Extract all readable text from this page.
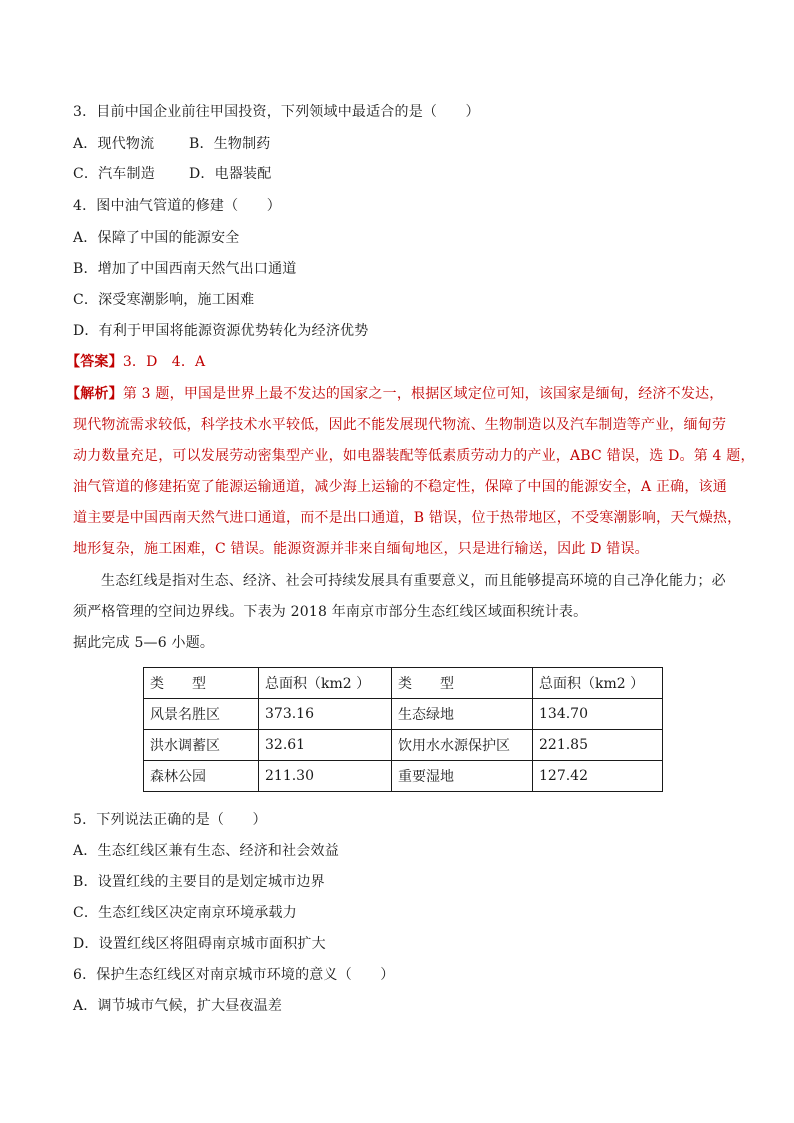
3．目前中国企业前往甲国投资，下列领域中最适合的是（　　）
A．现代物流 B．生物制药
C．汽车制造 D．电器装配
4．图中油气管道的修建（　　）
A．保障了中国的能源安全
B．增加了中国西南天然气出口通道
C．深受寒潮影响，施工困难
D．有利于甲国将能源资源优势转化为经济优势
【答案】3．D　4．A
【解析】第 3 题，甲国是世界上最不发达的国家之一，根据区域定位可知，该国家是缅甸，经济不发达，
现代物流需求较低，科学技术水平较低，因此不能发展现代物流、生物制造以及汽车制造等产业，缅甸劳
动力数量充足，可以发展劳动密集型产业，如电器装配等低素质劳动力的产业，ABC 错误，选 D。第 4 题，
油气管道的修建拓宽了能源运输通道，减少海上运输的不稳定性，保障了中国的能源安全，A 正确，该通
道主要是中国西南天然气进口通道，而不是出口通道，B 错误，位于热带地区，不受寒潮影响，天气燥热，
地形复杂，施工困难，C 错误。能源资源并非来自缅甸地区，只是进行输送，因此 D 错误。
生态红线是指对生态、经济、社会可持续发展具有重要意义，而且能够提高环境的自己净化能力；必
须严格管理的空间边界线。下表为 2018 年南京市部分生态红线区域面积统计表。
据此完成 5—6 小题。
类　　型	总面积（km2 ）	类　　型	总面积（km2 ）
风景名胜区	373.16	生态绿地	134.70
洪水调蓄区	32.61	饮用水水源保护区	221.85
森林公园	211.30	重要湿地	127.42
5．下列说法正确的是（　　）
A．生态红线区兼有生态、经济和社会效益
B．设置红线的主要目的是划定城市边界
C．生态红线区决定南京环境承载力
D．设置红线区将阻碍南京城市面积扩大
6．保护生态红线区对南京城市环境的意义（　　）
A．调节城市气候，扩大昼夜温差
